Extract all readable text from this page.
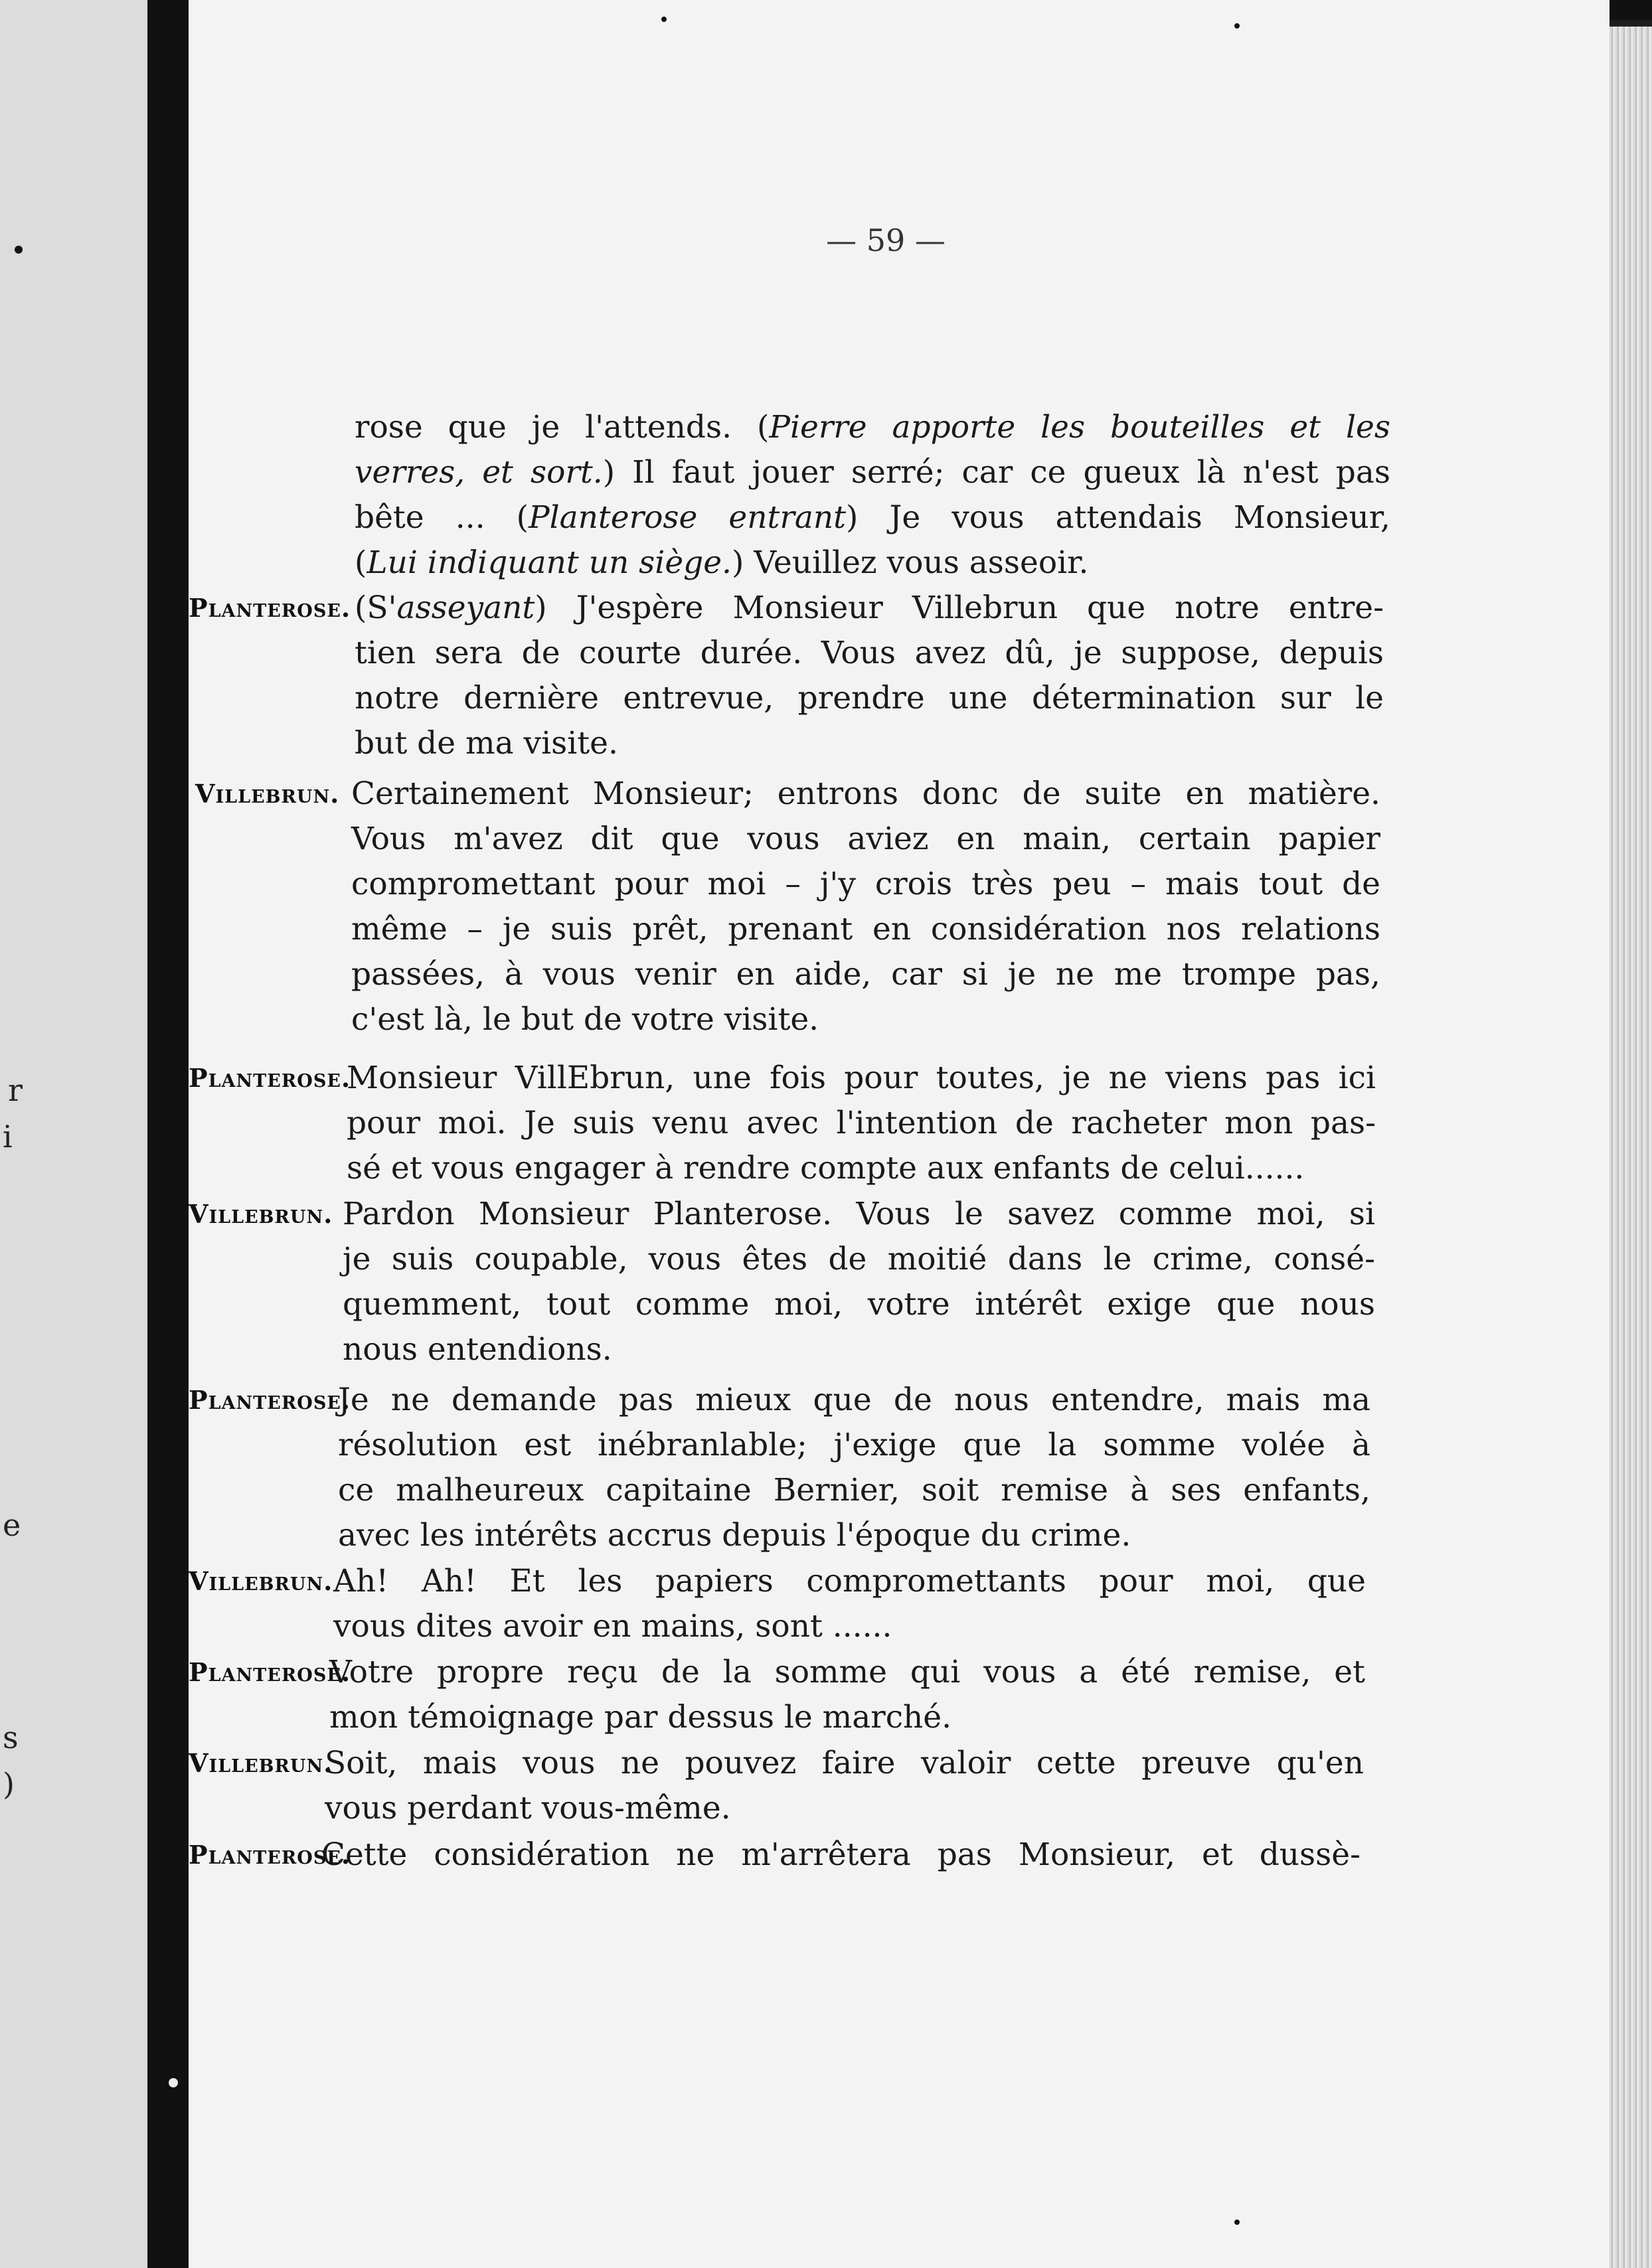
r
i
e
s
)
— 59 —
rose que je l'attends. (Pierre apporte les bouteilles et les
verres, et sort.) Il faut jouer serré; car ce gueux là n'est pas
bête ... (Planterose entrant) Je vous attendais Monsieur,
(Lui indiquant un siège.) Veuillez vous asseoir.
Planterose. (S'asseyant) J'espère Monsieur Villebrun que notre entre-
tien sera de courte durée. Vous avez dû, je suppose, depuis
notre dernière entrevue, prendre une détermination sur le
but de ma visite.
Villebrun. Certainement Monsieur; entrons donc de suite en matière.
Vous m'avez dit que vous aviez en main, certain papier
compromettant pour moi – j'y crois très peu – mais tout de
même – je suis prêt, prenant en considération nos relations
passées, à vous venir en aide, car si je ne me trompe pas,
c'est là, le but de votre visite.
Planterose.
Monsieur VillEbrun, une fois pour toutes, je ne viens pas ici
pour moi. Je suis venu avec l'intention de racheter mon pas-
sé et vous engager à rendre compte aux enfants de celui......
Villebrun. Pardon Monsieur Planterose. Vous le savez comme moi, si
je suis coupable, vous êtes de moitié dans le crime, consé-
quemment, tout comme moi, votre intérêt exige que nous
nous entendions.
Planterose.
Je ne demande pas mieux que de nous entendre, mais ma
résolution est inébranlable; j'exige que la somme volée à
ce malheureux capitaine Bernier, soit remise à ses enfants,
avec les intérêts accrus depuis l'époque du crime.
Villebrun. Ah! Ah! Et les papiers compromettants pour moi, que
vous dites avoir en mains, sont ......
Planterose.
Votre propre reçu de la somme qui vous a été remise, et
mon témoignage par dessus le marché.
Villebrun.
Soit, mais vous ne pouvez faire valoir cette preuve qu'en
vous perdant vous-même.
Planterose.
Cette considération ne m'arrêtera pas Monsieur, et dussè-
